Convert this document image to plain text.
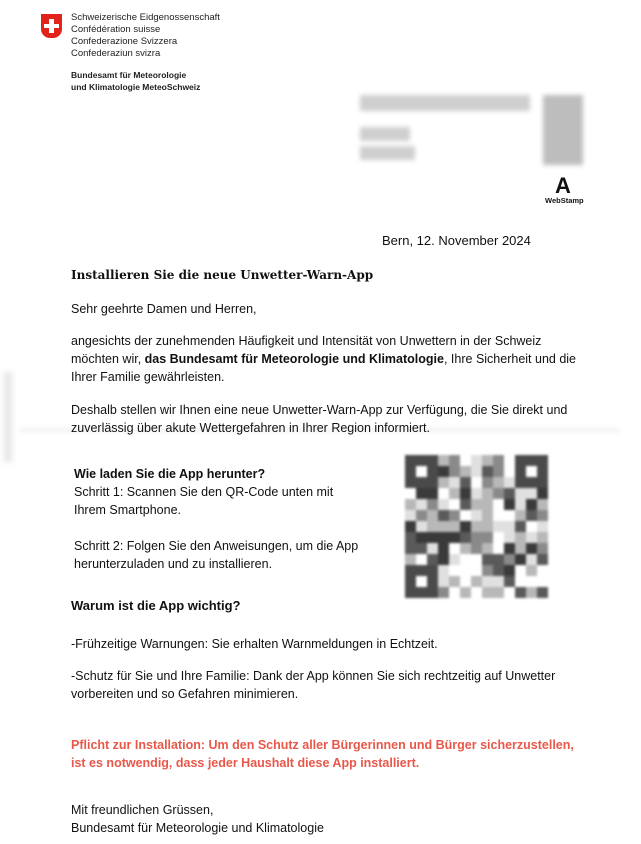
Schweizerische Eidgenossenschaft
Confédération suisse
Confederazione Svizzera
Confederaziun svizra
Bundesamt für Meteorologie
und Klimatologie MeteoSchweiz
A
WebStamp
Bern, 12. November 2024
Installieren Sie die neue Unwetter-Warn-App
Sehr geehrte Damen und Herren,
angesichts der zunehmenden Häufigkeit und Intensität von Unwettern in der Schweiz möchten wir, das Bundesamt für Meteorologie und Klimatologie, Ihre Sicherheit und die Ihrer Familie gewährleisten.
Deshalb stellen wir Ihnen eine neue Unwetter-Warn-App zur Verfügung, die Sie direkt und zuverlässig über akute Wettergefahren in Ihrer Region informiert.
Wie laden Sie die App herunter?
Schritt 1: Scannen Sie den QR-Code unten mit Ihrem Smartphone.
Schritt 2: Folgen Sie den Anweisungen, um die App herunterzuladen und zu installieren.
Warum ist die App wichtig?
-Frühzeitige Warnungen: Sie erhalten Warnmeldungen in Echtzeit.
-Schutz für Sie und Ihre Familie: Dank der App können Sie sich rechtzeitig auf Unwetter vorbereiten und so Gefahren minimieren.
Pflicht zur Installation: Um den Schutz aller Bürgerinnen und Bürger sicherzustellen, ist es notwendig, dass jeder Haushalt diese App installiert.
Mit freundlichen Grüssen,
Bundesamt für Meteorologie und Klimatologie
